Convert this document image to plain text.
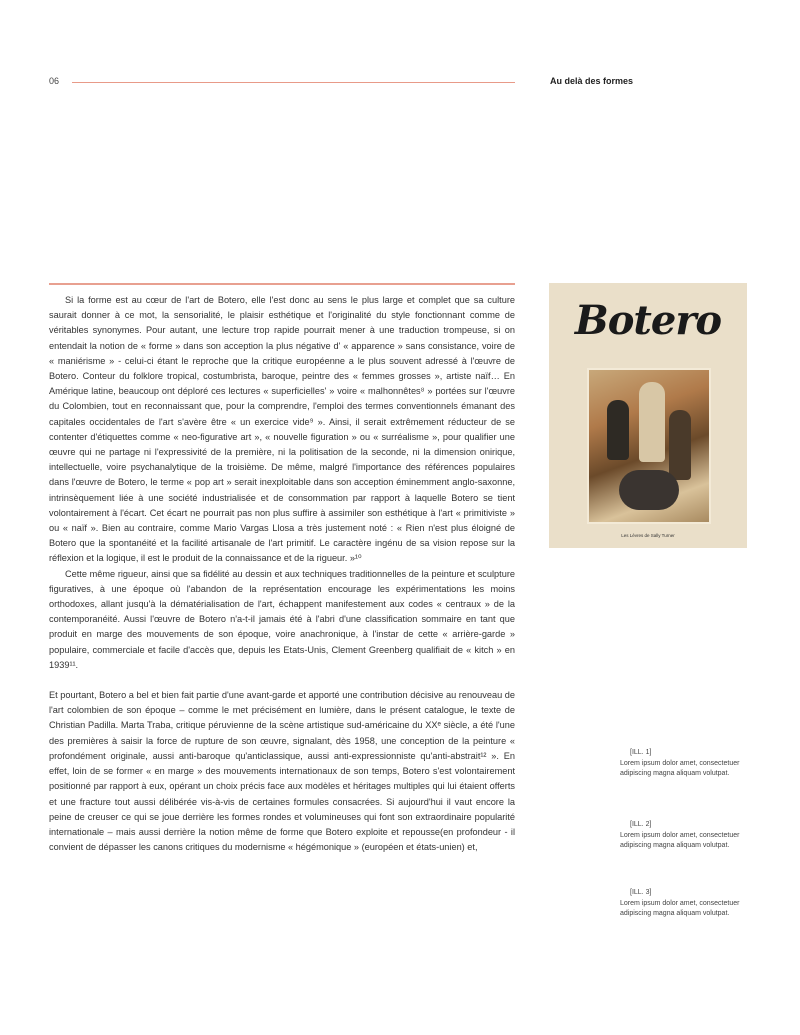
06	Au delà des formes

Si la forme est au cœur de l'art de Botero, elle l'est donc au sens le plus large et complet que sa culture saurait donner à ce mot, la sensorialité, le plaisir esthétique et l'originalité du style fonctionnant comme de véritables synonymes. Pour autant, une lecture trop rapide pourrait mener à une traduction trompeuse, si on entendait la notion de « forme » dans son acception la plus négative d' « apparence » sans consistance, voire de « maniérisme » - celui-ci étant le reproche que la critique européenne a le plus souvent adressé à l'œuvre de Botero. Conteur du folklore tropical, costumbrista, baroque, peintre des « femmes grosses », artiste naïf… En Amérique latine, beaucoup ont déploré ces lectures « superficielles' » voire « malhonnêtes⁸ » portées sur l'œuvre du Colombien, tout en reconnaissant que, pour la comprendre, l'emploi des termes conventionnels émanant des capitales occidentales de l'art s'avère être « un exercice vide⁹ ». Ainsi, il serait extrêmement réducteur de se contenter d'étiquettes comme « neo-figurative art », « nouvelle figuration » ou « surréalisme », pour qualifier une œuvre qui ne partage ni l'expressivité de la première, ni la politisation de la seconde, ni la dimension onirique, intellectuelle, voire psychanalytique de la troisième. De même, malgré l'importance des références populaires dans l'œuvre de Botero, le terme « pop art » serait inexploitable dans son acception éminemment anglo-saxonne, intrinsèquement liée à une société industrialisée et de consommation par rapport à laquelle Botero se tient volontairement à l'écart. Cet écart ne pourrait pas non plus suffire à assimiler son esthétique à l'art « primitiviste » ou « naïf ». Bien au contraire, comme Mario Vargas Llosa a très justement noté : « Rien n'est plus éloigné de Botero que la spontanéité et la facilité artisanale de l'art primitif. Le caractère ingénu de sa vision repose sur la réflexion et la logique, il est le produit de la connaissance et de la rigueur. »¹⁰

Cette même rigueur, ainsi que sa fidélité au dessin et aux techniques traditionnelles de la peinture et sculpture figuratives, à une époque où l'abandon de la représentation encourage les expérimentations les moins orthodoxes, allant jusqu'à la dématérialisation de l'art, échappent manifestement aux codes « centraux » de la contemporanéité. Aussi l'œuvre de Botero n'a-t-il jamais été à l'abri d'une classification sommaire en tant que produit en marge des mouvements de son époque, voire anachronique, à l'instar de cette « arrière-garde » populaire, commerciale et facile d'accès que, depuis les Etats-Unis, Clement Greenberg qualifiait de « kitch » en 1939¹¹.

Et pourtant, Botero a bel et bien fait partie d'une avant-garde et apporté une contribution décisive au renouveau de l'art colombien de son époque – comme le met précisément en lumière, dans le présent catalogue, le texte de Christian Padilla. Marta Traba, critique péruvienne de la scène artistique sud-américaine du XXᵉ siècle, a été l'une des premières à saisir la force de rupture de son œuvre, signalant, dès 1958, une conception de la peinture « profondément originale, aussi anti-baroque qu'anticlassique, aussi anti-expressionniste qu'anti-abstrait¹² ». En effet, loin de se former « en marge » des mouvements internationaux de son temps, Botero s'est volontairement positionné par rapport à eux, opérant un choix précis face aux modèles et héritages multiples qui lui étaient offerts et une fracture tout aussi délibérée vis-à-vis de certaines formules consacrées. Si aujourd'hui il vaut encore la peine de creuser ce qui se joue derrière les formes rondes et volumineuses qui font son extraordinaire popularité internationale – mais aussi derrière la notion même de forme que Botero exploite et repousse(en profondeur - il convient de dépasser les canons critiques du modernisme « hégémonique » (européen et états-unien) et,

Botero
Les Lèvres de Sally Turner
[ILL. 1]
Lorem ipsum dolor amet, consectetuer adipiscing magna aliquam volutpat.
[ILL. 2]
Lorem ipsum dolor amet, consectetuer adipiscing magna aliquam volutpat.
[ILL. 3]
Lorem ipsum dolor amet, consectetuer adipiscing magna aliquam volutpat.
